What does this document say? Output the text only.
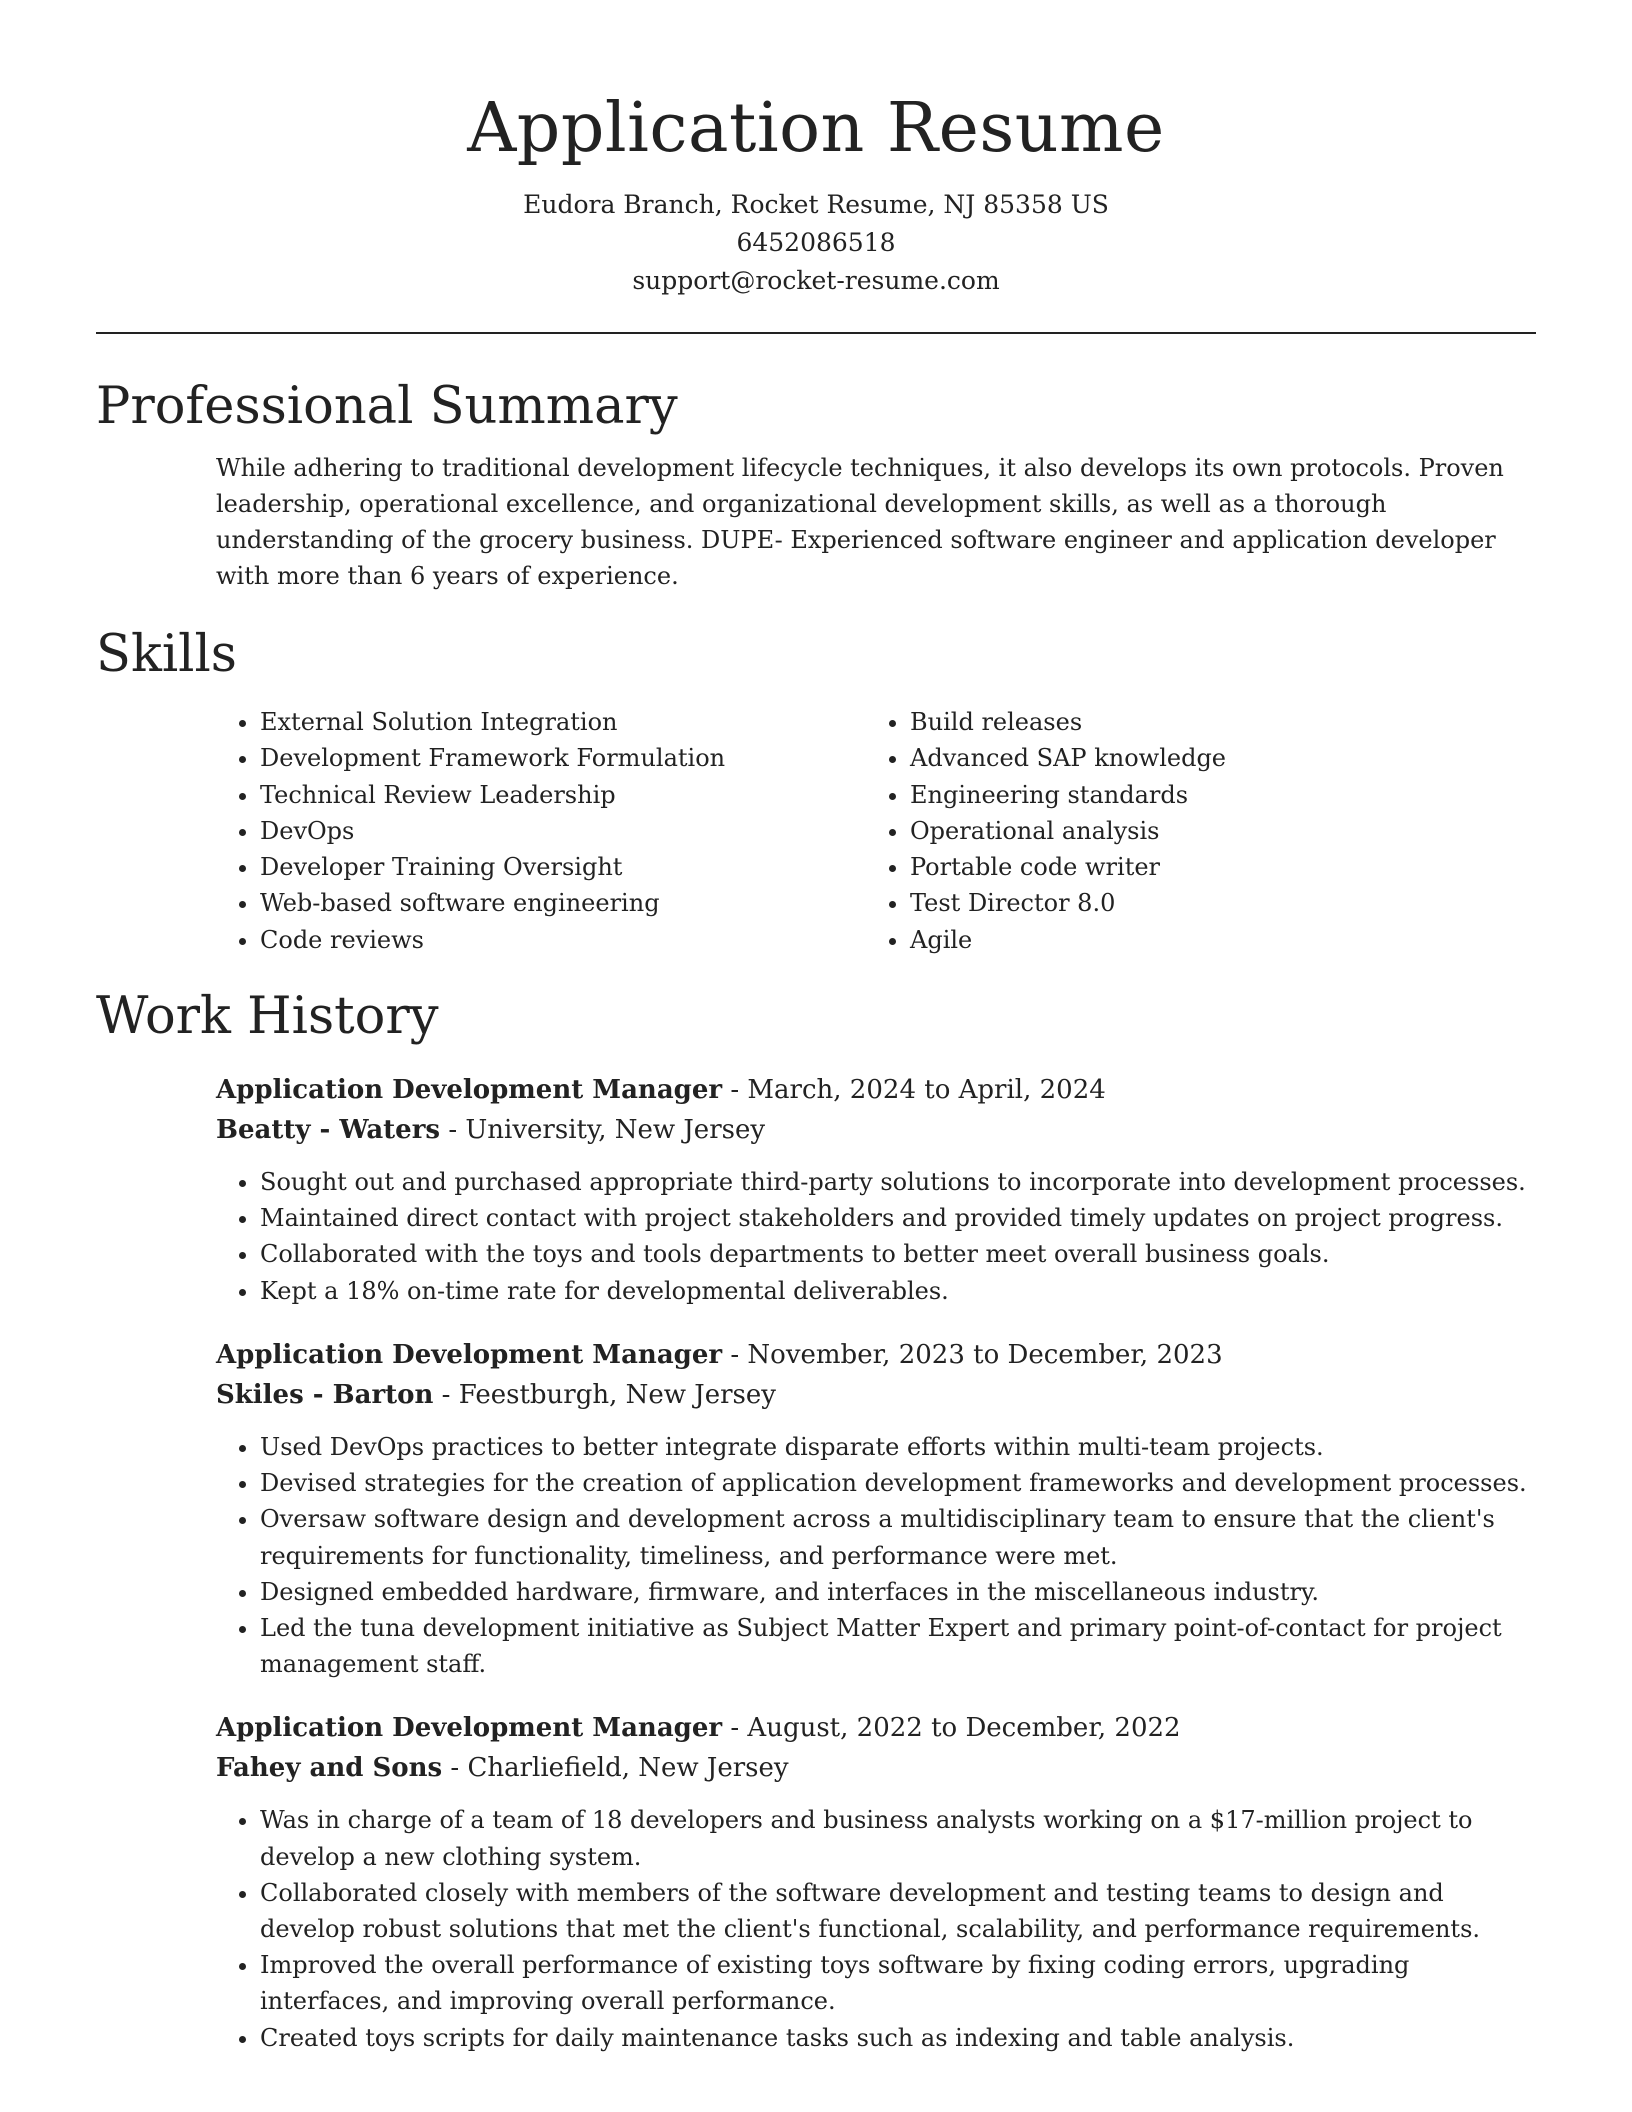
Application Resume
Eudora Branch, Rocket Resume, NJ 85358 US
6452086518
support@rocket-resume.com
Professional Summary

While adhering to traditional development lifecycle techniques, it also develops its own protocols. Proven leadership, operational excellence, and organizational development skills, as well as a thorough understanding of the grocery business. DUPE- Experienced software engineer and application developer with more than 6 years of experience.

Skills
• External Solution Integration
• Development Framework Formulation
• Technical Review Leadership
• DevOps
• Developer Training Oversight
• Web-based software engineering
• Code reviews
• Build releases
• Advanced SAP knowledge
• Engineering standards
• Operational analysis
• Portable code writer
• Test Director 8.0
• Agile
Work History
Application Development Manager - March, 2024 to April, 2024
Beatty - Waters - University, New Jersey
• Sought out and purchased appropriate third-party solutions to incorporate into development processes.
• Maintained direct contact with project stakeholders and provided timely updates on project progress.
• Collaborated with the toys and tools departments to better meet overall business goals.
• Kept a 18% on-time rate for developmental deliverables.
Application Development Manager - November, 2023 to December, 2023
Skiles - Barton - Feestburgh, New Jersey
• Used DevOps practices to better integrate disparate efforts within multi-team projects.
• Devised strategies for the creation of application development frameworks and development processes.
• Oversaw software design and development across a multidisciplinary team to ensure that the client's requirements for functionality, timeliness, and performance were met.
• Designed embedded hardware, firmware, and interfaces in the miscellaneous industry.
• Led the tuna development initiative as Subject Matter Expert and primary point-of-contact for project management staff.
Application Development Manager - August, 2022 to December, 2022
Fahey and Sons - Charliefield, New Jersey
• Was in charge of a team of 18 developers and business analysts working on a $17-million project to develop a new clothing system.
• Collaborated closely with members of the software development and testing teams to design and develop robust solutions that met the client's functional, scalability, and performance requirements.
• Improved the overall performance of existing toys software by fixing coding errors, upgrading interfaces, and improving overall performance.
• Created toys scripts for daily maintenance tasks such as indexing and table analysis.
